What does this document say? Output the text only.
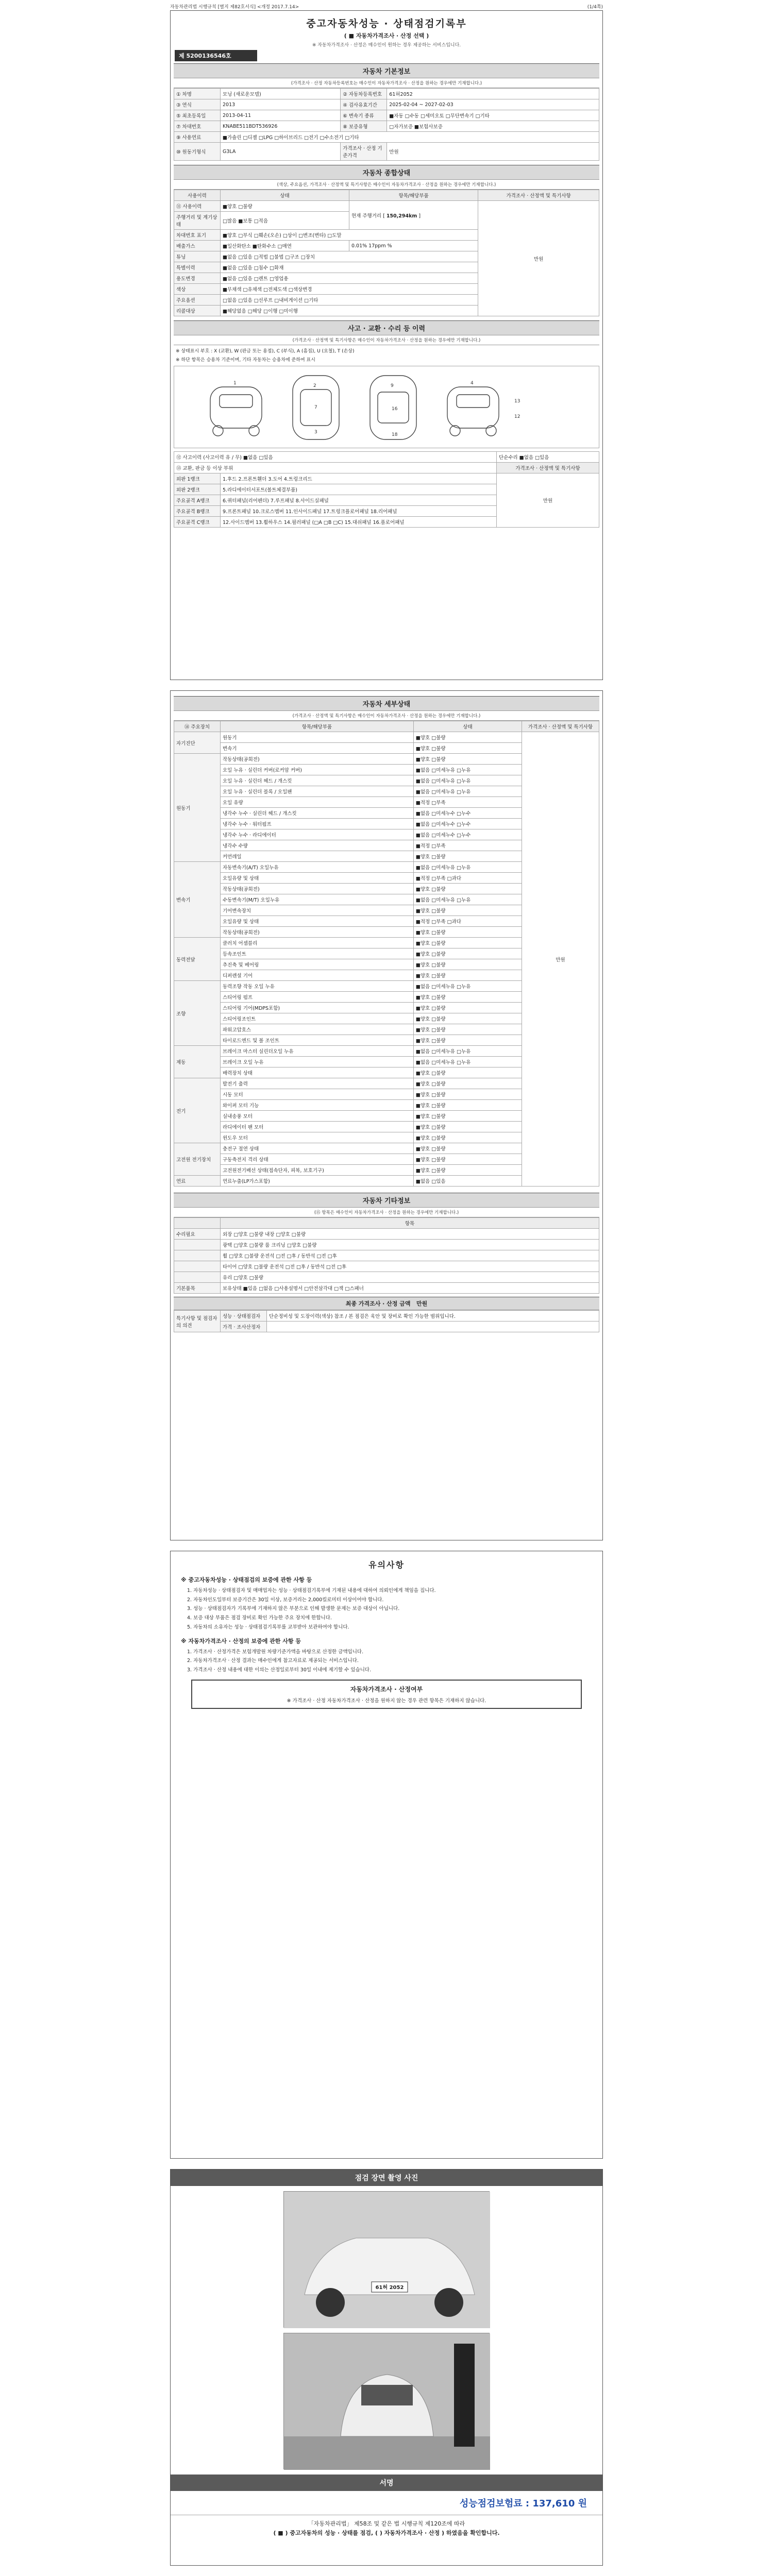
자동차관리법 시행규칙 [별지 제82호서식] <개정 2017.7.14>	(1/4쪽)
중고자동차성능 · 상태점검기록부
( ■ 자동차가격조사 · 산정 선택 )
※ 자동차가격조사 · 산정은 매수인이 원하는 경우 제공하는 서비스입니다.
제 5200136546호
자동차 기본정보
(가격조사 · 산정 자동차등록번호는 매수인이 자동차가격조사 · 산정을 원하는 경우에만 기재합니다.)
① 차명	모닝 (새로운모델)	② 자동차등록번호	61허2052
③ 연식	2013	④ 검사유효기간	2025-02-04 ~ 2027-02-03
⑤ 최초등록일	2013-04-11	⑥ 변속기 종류	■자동 □수동 □세미오토 □무단변속기 □기타
⑦ 차대번호	KNABE511BDT536926	⑧ 보증유형	□자가보증 ■보험사보증
⑨ 사용연료	■가솔린 □디젤 □LPG □하이브리드 □전기 □수소전기 □기타		
⑩ 원동기형식	G3LA	가격조사 · 산정 기준가격	만원
자동차 종합상태
(색상, 주요옵션, 가격조사 · 산정액 및 특기사항은 매수인이 자동차가격조사 · 산정을 원하는 경우에만 기재합니다.)
사용이력	상태	항목/해당부품	가격조사 · 산정액 및 특기사항
⑪ 사용이력	■양호 □불량	현재 주행거리 [ 150,294km ]	만원
주행거리 및 계기상태	□많음 ■보통 □적음		
차대번호 표기	■양호 □부식 □훼손(오손) □상이 □변조(변타) □도말		
배출가스	■일산화탄소 ■탄화수소 □매연	0.01% 17ppm %	
튜닝	■없음 □있음 □적법 □불법 □구조 □장치		
특별이력	■없음 □있음 □침수 □화재		
용도변경	■없음 □있음 □렌트 □영업용		
색상	■무채색 □유채색 □전체도색 □색상변경		
주요옵션	□없음 □있음 □선루프 □내비게이션 □기타		
리콜대상	■해당없음 □해당 □이행 □미이행		
사고 · 교환 · 수리 등 이력
(가격조사 · 산정액 및 특기사항은 매수인이 자동차가격조사 · 산정을 원하는 경우에만 기재합니다.)
※ 상태표시 부호 : X (교환), W (판금 또는 용접), C (부식), A (흠집), U (요철), T (손상)
※ 하단 항목은 승용차 기준이며, 기타 자동차는 승용차에 준하여 표시
1	2
7
3
9
16
18
4
13
12
⑫ 사고이력 (사고이력 유 / 무) ■없음 □있음		단순수리 ■없음 □있음
⑬ 교환, 판금 등 이상 부위		가격조사 · 산정액 및 특기사항
외판 1랭크	1.후드 2.프론트휀더 3.도어 4.트렁크리드	만원
외판 2랭크	5.라디에이터서포트(볼트체결부품)	
주요골격 A랭크	6.쿼터패널(리어펜더) 7.루프패널 8.사이드실패널	
주요골격 B랭크	9.프론트패널 10.크로스멤버 11.인사이드패널 17.트렁크플로어패널 18.리어패널	
주요골격 C랭크	12.사이드멤버 13.휠하우스 14.필러패널 (□A □B □C) 15.대쉬패널 16.플로어패널	
자동차 세부상태
(가격조사 · 산정액 및 특기사항은 매수인이 자동차가격조사 · 산정을 원하는 경우에만 기재합니다.)
⑭ 주요장치	항목/해당부품	상태	가격조사 · 산정액 및 특기사항
자기진단	원동기	■양호 □불량	만원
	변속기	■양호 □불량	
원동기	작동상태(공회전)	■양호 □불량	
	오일 누유 · 실린더 커버(로커암 커버)	■없음 □미세누유 □누유	
	오일 누유 · 실린더 헤드 / 개스킷	■없음 □미세누유 □누유	
	오일 누유 · 실린더 블록 / 오일팬	■없음 □미세누유 □누유	
	오일 유량	■적정 □부족	
	냉각수 누수 · 실린더 헤드 / 개스킷	■없음 □미세누수 □누수	
	냉각수 누수 · 워터펌프	■없음 □미세누수 □누수	
	냉각수 누수 · 라디에이터	■없음 □미세누수 □누수	
	냉각수 수량	■적정 □부족	
	커먼레일	■양호 □불량	
변속기	자동변속기(A/T) 오일누유	■없음 □미세누유 □누유	
	오일유량 및 상태	■적정 □부족 □과다	
	작동상태(공회전)	■양호 □불량	
	수동변속기(M/T) 오일누유	■없음 □미세누유 □누유	
	기어변속장치	■양호 □불량	
	오일유량 및 상태	■적정 □부족 □과다	
	작동상태(공회전)	■양호 □불량	
동력전달	클러치 어셈블리	■양호 □불량	
	등속조인트	■양호 □불량	
	추진축 및 베어링	■양호 □불량	
	디퍼렌셜 기어	■양호 □불량	
조향	동력조향 작동 오일 누유	■없음 □미세누유 □누유	
	스티어링 펌프	■양호 □불량	
	스티어링 기어(MDPS포함)	■양호 □불량	
	스티어링조인트	■양호 □불량	
	파워고압호스	■양호 □불량	
	타이로드엔드 및 볼 조인트	■양호 □불량	
제동	브레이크 마스터 실린더오일 누유	■없음 □미세누유 □누유	
	브레이크 오일 누유	■없음 □미세누유 □누유	
	배력장치 상태	■양호 □불량	
전기	발전기 출력	■양호 □불량	
	시동 모터	■양호 □불량	
	와이퍼 모터 기능	■양호 □불량	
	실내송풍 모터	■양호 □불량	
	라디에이터 팬 모터	■양호 □불량	
	윈도우 모터	■양호 □불량	
고전원 전기장치	충전구 절연 상태	■양호 □불량	
	구동축전지 격리 상태	■양호 □불량	
	고전원전기배선 상태(접속단자, 피복, 보호기구)	■양호 □불량	
연료	연료누출(LP가스포함)	■없음 □있음	
자동차 기타정보
(⑮ 항목은 매수인이 자동차가격조사 · 산정을 원하는 경우에만 기재합니다.)
	항목
수리필요	외장 □양호 □불량 내장 □양호 □불량
	광택 □양호 □불량 룸 크리닝 □양호 □불량
	휠 □양호 □불량 운전석 □전 □후 / 동반석 □전 □후
	타이어 □양호 □불량 운전석 □전 □후 / 동반석 □전 □후
	유리 □양호 □불량
기본품목	보유상태 ■있음 □없음 □사용설명서 □안전삼각대 □잭 □스패너
최종 가격조사 · 산정 금액 만원
특기사항 및 점검자의 의견	성능 · 상태점검자	단순정비성 및 도장이력(색상) 참조 / 본 점검은 육안 및 장비로 확인 가능한 범위입니다.
	가격 · 조사산정자	
유의사항
※ 중고자동차성능 · 상태점검의 보증에 관한 사항 등

1. 자동차성능 · 상태점검자 및 매매업자는 성능 · 상태점검기록부에 기재된 내용에 대하여 의뢰인에게 책임을 집니다.

2. 자동차인도일부터 보증기간은 30일 이상, 보증거리는 2,000킬로미터 이상이어야 합니다.

3. 성능 · 상태점검자가 기록부에 기재하지 않은 부분으로 인해 발생한 문제는 보증 대상이 아닙니다.

4. 보증 대상 부품은 점검 장비로 확인 가능한 주요 장치에 한합니다.

5. 자동차의 소유자는 성능 · 상태점검기록부를 교부받아 보관하여야 합니다.

※ 자동차가격조사 · 산정의 보증에 관한 사항 등

1. 가격조사 · 산정가격은 보험개발원 차량기준가액을 바탕으로 산정한 금액입니다.

2. 자동차가격조사 · 산정 결과는 매수인에게 참고자료로 제공되는 서비스입니다.

3. 가격조사 · 산정 내용에 대한 이의는 산정일로부터 30일 이내에 제기할 수 있습니다.

자동차가격조사 · 산정여부
※ 가격조사 · 산정 자동차가격조사 · 산정을 원하지 않는 경우 관련 항목은 기재하지 않습니다.
점검 장면 촬영 사진
61허 2052
서명
성능점검보험료 : 137,610 원
「자동차관리법」 제58조 및 같은 법 시행규칙 제120조에 따라
( ■ ) 중고자동차의 성능 · 상태를 점검, ( ) 자동차가격조사 · 산정 ) 하였음을 확인합니다.
